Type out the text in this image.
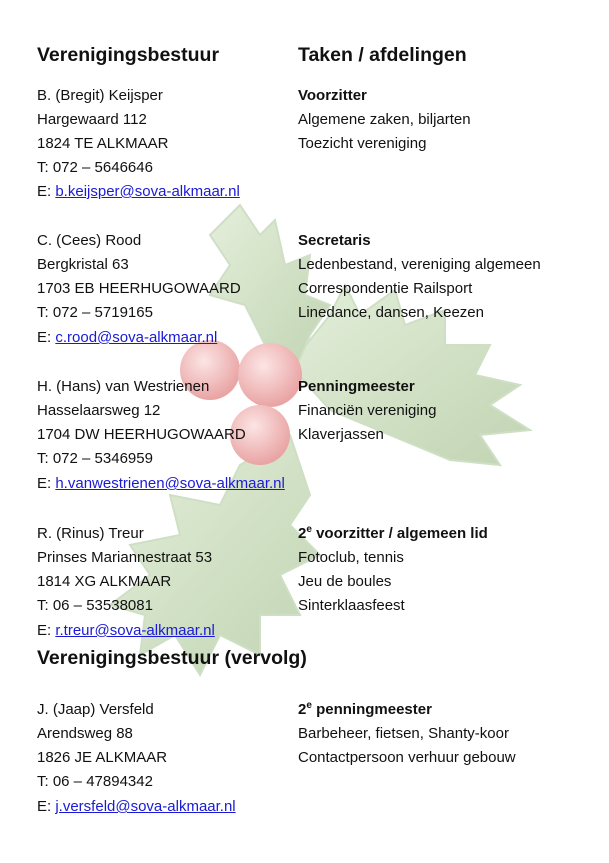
Verenigingsbestuur	Taken / afdelingen
B. (Bregit) Keijsper
Hargewaard 112
1824 TE ALKMAAR
T: 072 – 5646646
E: b.keijsper@sova-alkmaar.nl
Voorzitter
Algemene zaken, biljarten
Toezicht vereniging
C. (Cees) Rood
Bergkristal 63
1703 EB HEERHUGOWAARD
T: 072 – 5719165
E: c.rood@sova-alkmaar.nl
Secretaris
Ledenbestand, vereniging algemeen
Correspondentie Railsport
Linedance, dansen, Keezen
H. (Hans) van Westrienen
Hasselaarsweg 12
1704 DW HEERHUGOWAARD
T: 072 – 5346959
E: h.vanwestrienen@sova-alkmaar.nl
Penningmeester
Financiën vereniging
Klaverjassen
R. (Rinus) Treur
Prinses Mariannestraat 53
1814 XG ALKMAAR
T: 06 – 53538081
E: r.treur@sova-alkmaar.nl
2e voorzitter / algemeen lid
Fotoclub, tennis
Jeu de boules
Sinterklaasfeest
Verenigingsbestuur (vervolg)
J. (Jaap) Versfeld
Arendsweg 88
1826 JE ALKMAAR
T: 06 – 47894342
E: j.versfeld@sova-alkmaar.nl
2e penningmeester
Barbeheer, fietsen, Shanty-koor
Contactpersoon verhuur gebouw
